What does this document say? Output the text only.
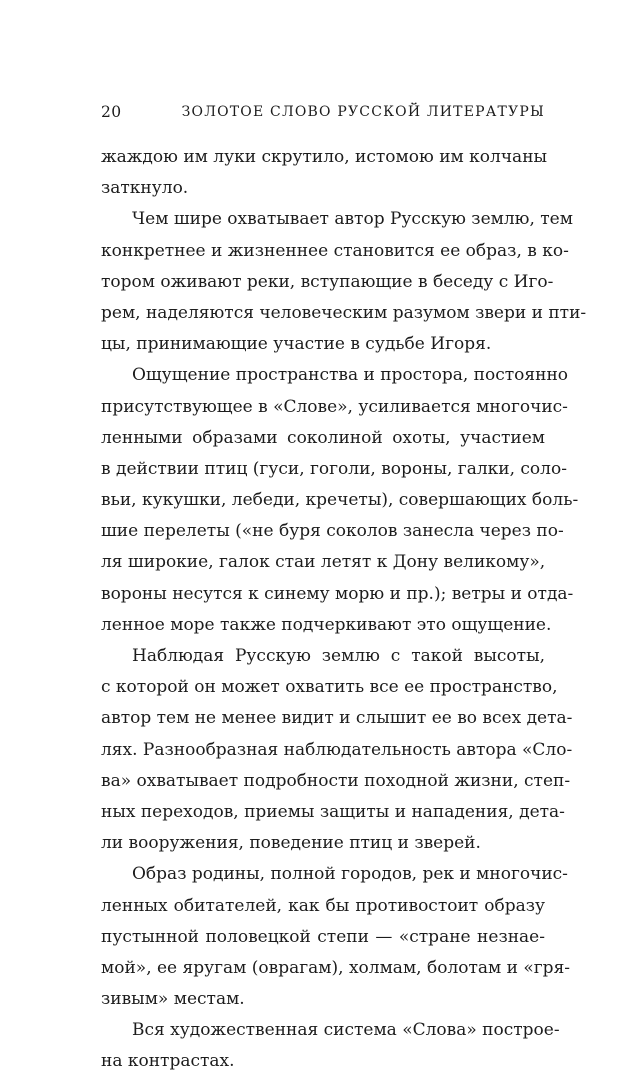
20	ЗОЛОТОЕ СЛОВО РУССКОЙ ЛИТЕРАТУРЫ
жаждою им луки скрутило, истомою им колчаны
заткнуло.
Чем шире охватывает автор Русскую землю, тем
конкретнее и жизненнее становится ее образ, в ко-
тором оживают реки, вступающие в беседу с Иго-
рем, наделяются человеческим разумом звери и пти-
цы, принимающие участие в судьбе Игоря.
Ощущение пространства и простора, постоянно
присутствующее в «Слове», усиливается многочис-
ленными образами соколиной охоты, участием
в действии птиц (гуси, гоголи, вороны, галки, соло-
вьи, кукушки, лебеди, кречеты), совершающих боль-
шие перелеты («не буря соколов занесла через по-
ля широкие, галок стаи летят к Дону великому»,
вороны несутся к синему морю и пр.); ветры и отда-
ленное море также подчеркивают это ощущение.
Наблюдая Русскую землю с такой высоты,
с которой он может охватить все ее пространство,
автор тем не менее видит и слышит ее во всех дета-
лях. Разнообразная наблюдательность автора «Сло-
ва» охватывает подробности походной жизни, степ-
ных переходов, приемы защиты и нападения, дета-
ли вооружения, поведение птиц и зверей.
Образ родины, полной городов, рек и многочис-
ленных обитателей, как бы противостоит образу
пустынной половецкой степи — «стране незнае-
мой», ее яругам (оврагам), холмам, болотам и «гря-
зивым» местам.
Вся художественная система «Слова» построе-
на контрастах.
